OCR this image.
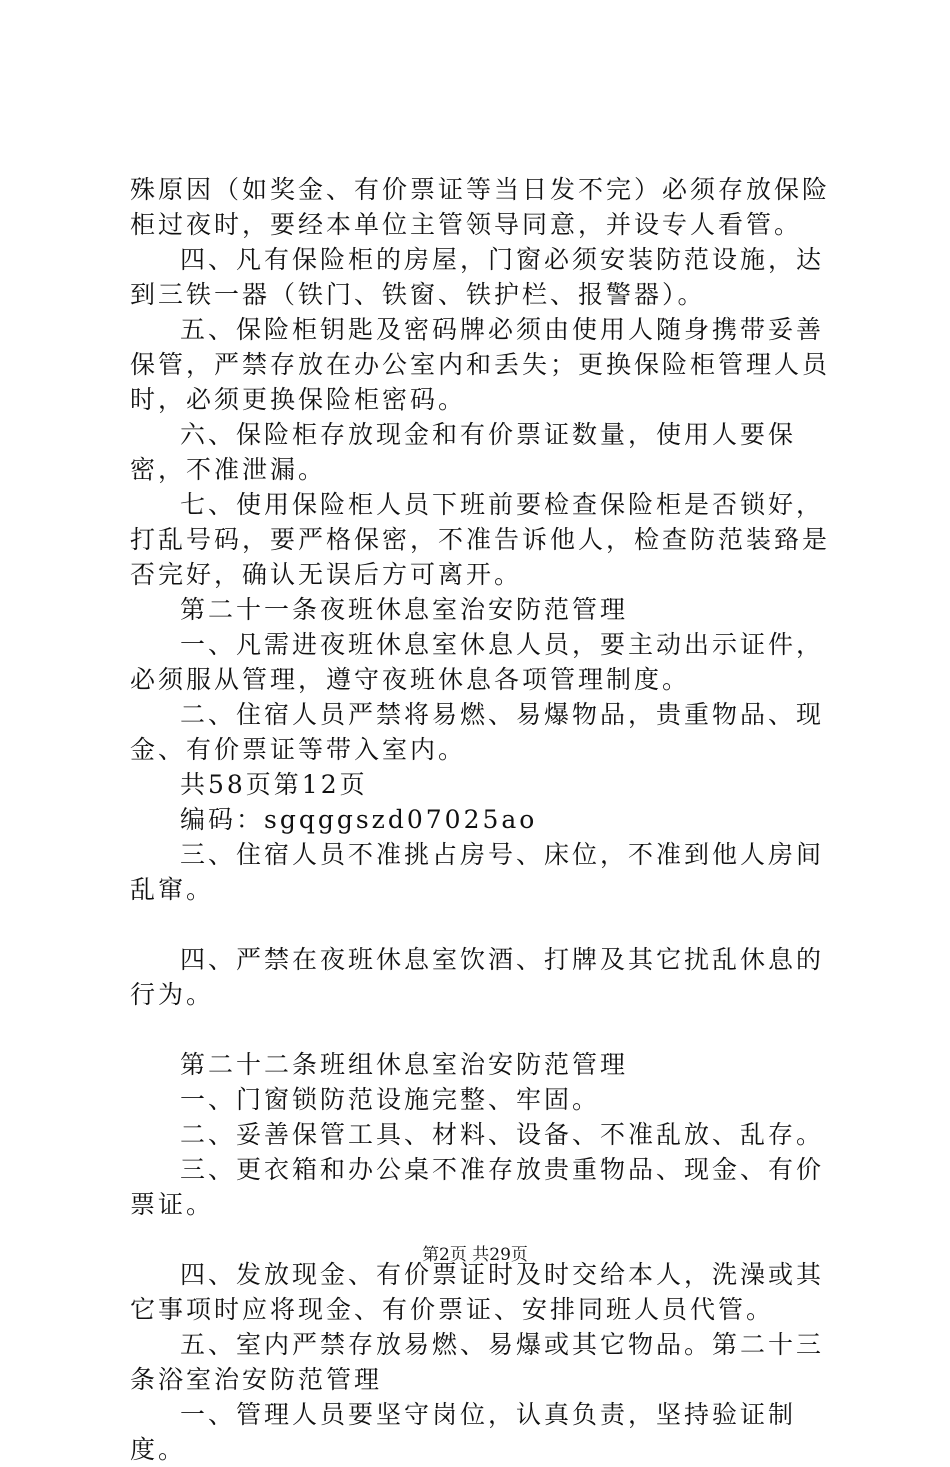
殊原因（如奖金、有价票证等当日发不完）必须存放保险柜过夜时，要经本单位主管领导同意，并设专人看管。

四、凡有保险柜的房屋，门窗必须安装防范设施，达到三铁一器（铁门、铁窗、铁护栏、报警器）。

五、保险柜钥匙及密码牌必须由使用人随身携带妥善保管，严禁存放在办公室内和丢失；更换保险柜管理人员时，必须更换保险柜密码。

六、保险柜存放现金和有价票证数量，使用人要保密，不准泄漏。

七、使用保险柜人员下班前要检查保险柜是否锁好，打乱号码，要严格保密，不准告诉他人，检查防范装臵是否完好，确认无误后方可离开。

第二十一条夜班休息室治安防范管理

一、凡需进夜班休息室休息人员，要主动出示证件，必须服从管理，遵守夜班休息各项管理制度。

二、住宿人员严禁将易燃、易爆物品，贵重物品、现金、有价票证等带入室内。

共58页第12页

编码：sgqggszd07025ao

三、住宿人员不准挑占房号、床位，不准到他人房间乱窜。

四、严禁在夜班休息室饮酒、打牌及其它扰乱休息的行为。

第二十二条班组休息室治安防范管理

一、门窗锁防范设施完整、牢固。

二、妥善保管工具、材料、设备、不准乱放、乱存。

三、更衣箱和办公桌不准存放贵重物品、现金、有价票证。

四、发放现金、有价票证时及时交给本人，洗澡或其它事项时应将现金、有价票证、安排同班人员代管。

五、室内严禁存放易燃、易爆或其它物品。第二十三条浴室治安防范管理

一、管理人员要坚守岗位，认真负责，坚持验证制度。

第2页 共29页
